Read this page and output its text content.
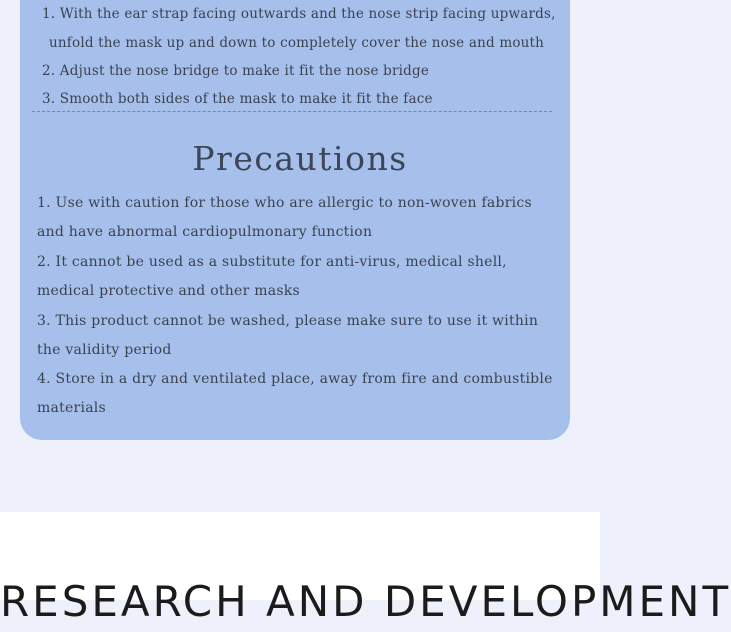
1. With the ear strap facing outwards and the nose strip facing upwards,
unfold the mask up and down to completely cover the nose and mouth
2. Adjust the nose bridge to make it fit the nose bridge
3. Smooth both sides of the mask to make it fit the face
Precautions
1. Use with caution for those who are allergic to non-woven fabrics
and have abnormal cardiopulmonary function
2. It cannot be used as a substitute for anti-virus, medical shell,
medical protective and other masks
3. This product cannot be washed, please make sure to use it within
the validity period
4. Store in a dry and ventilated place, away from fire and combustible
materials
RESEARCH AND DEVELOPMENT
